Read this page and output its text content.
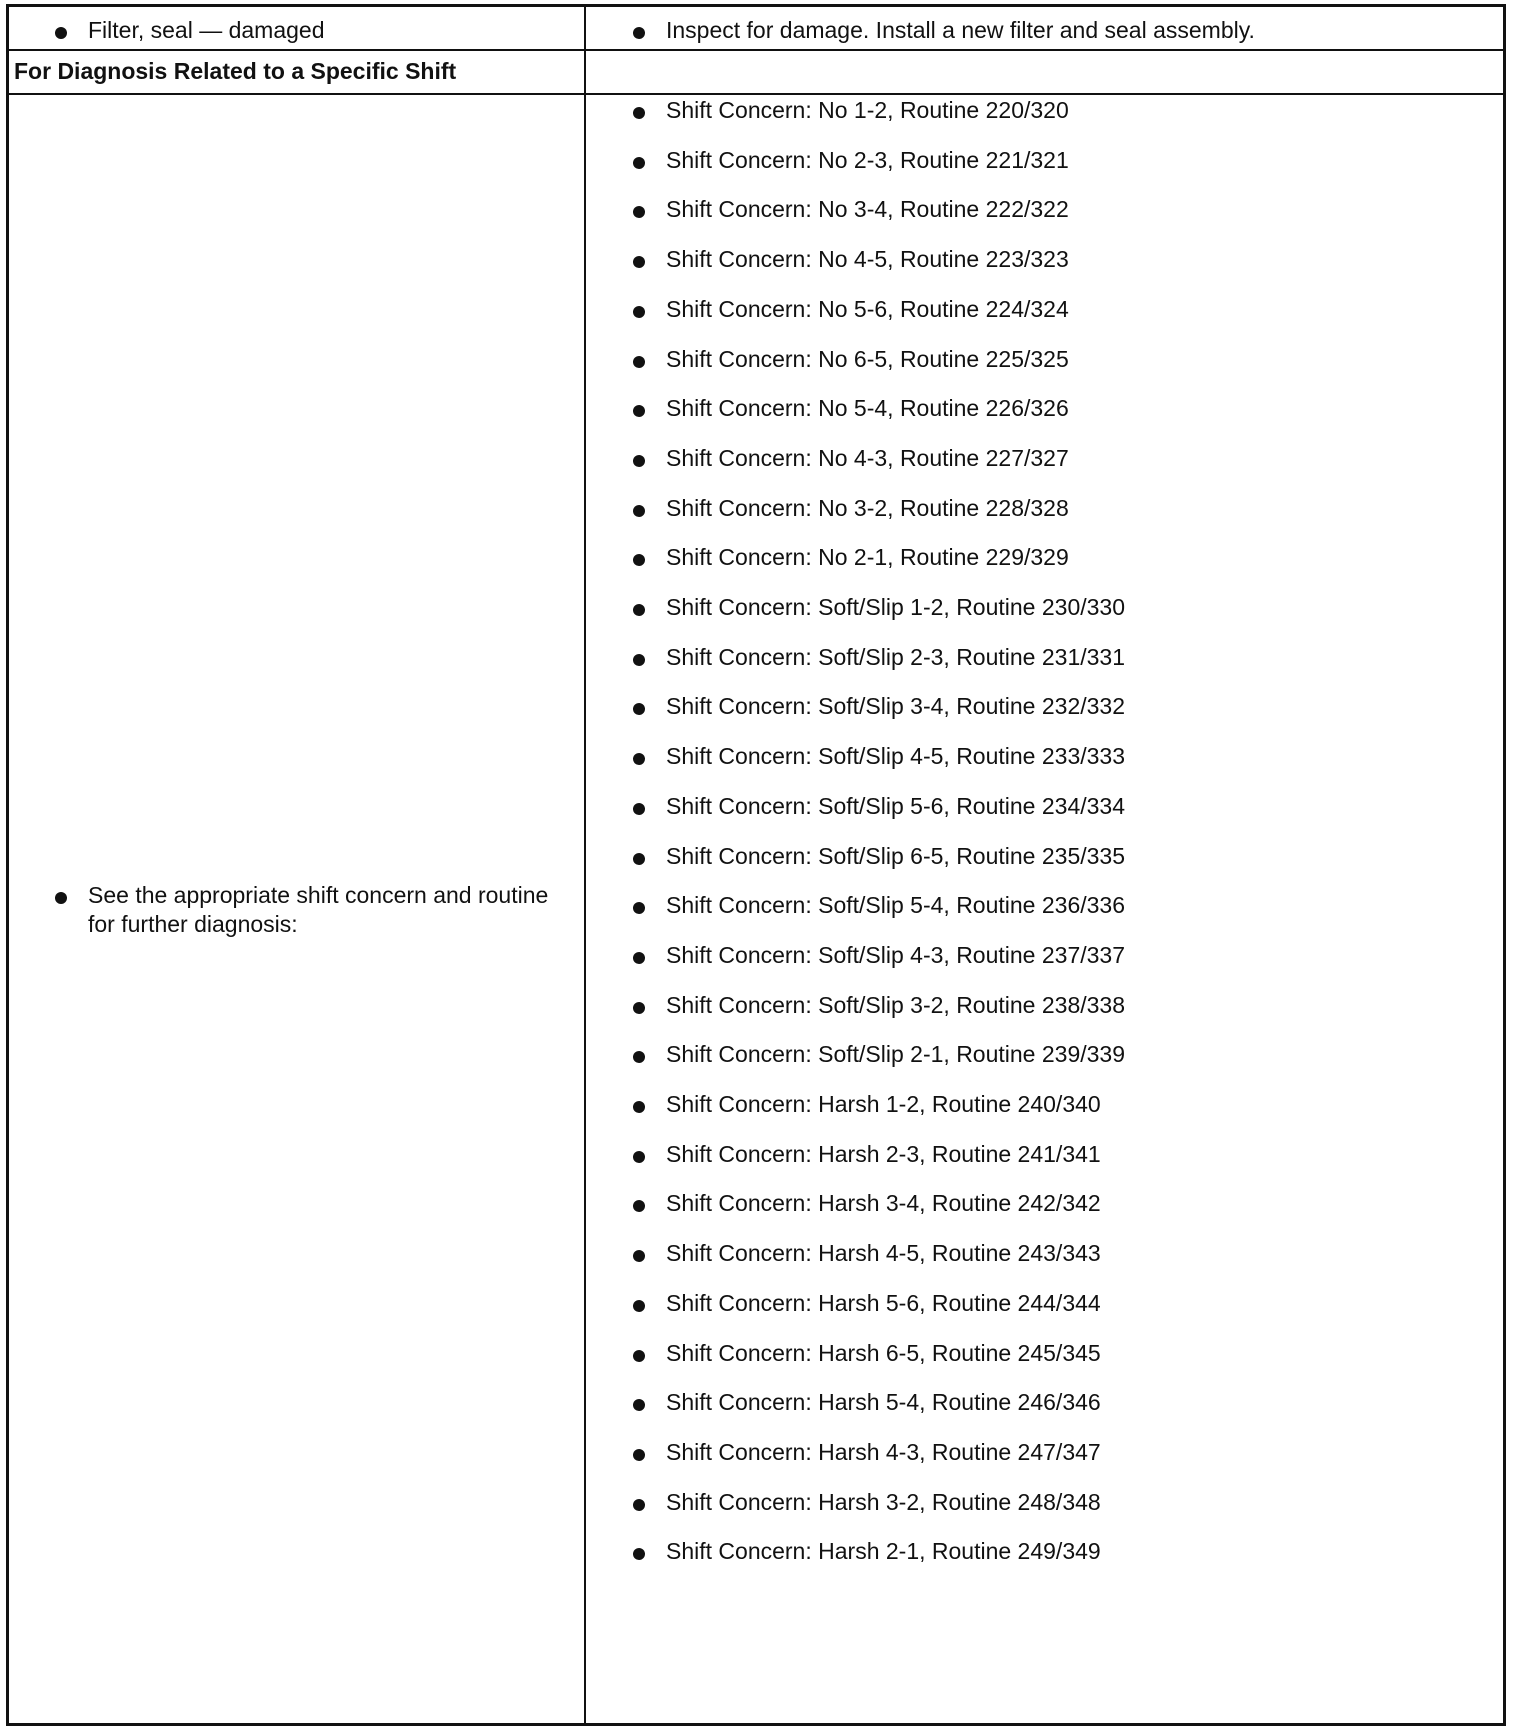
Filter, seal — damaged	Inspect for damage. Install a new filter and seal assembly.
For Diagnosis Related to a Specific Shift
See the appropriate shift concern and routine for further diagnosis:
Shift Concern: No 1-2, Routine 220/320
Shift Concern: No 2-3, Routine 221/321
Shift Concern: No 3-4, Routine 222/322
Shift Concern: No 4-5, Routine 223/323
Shift Concern: No 5-6, Routine 224/324
Shift Concern: No 6-5, Routine 225/325
Shift Concern: No 5-4, Routine 226/326
Shift Concern: No 4-3, Routine 227/327
Shift Concern: No 3-2, Routine 228/328
Shift Concern: No 2-1, Routine 229/329
Shift Concern: Soft/Slip 1-2, Routine 230/330
Shift Concern: Soft/Slip 2-3, Routine 231/331
Shift Concern: Soft/Slip 3-4, Routine 232/332
Shift Concern: Soft/Slip 4-5, Routine 233/333
Shift Concern: Soft/Slip 5-6, Routine 234/334
Shift Concern: Soft/Slip 6-5, Routine 235/335
Shift Concern: Soft/Slip 5-4, Routine 236/336
Shift Concern: Soft/Slip 4-3, Routine 237/337
Shift Concern: Soft/Slip 3-2, Routine 238/338
Shift Concern: Soft/Slip 2-1, Routine 239/339
Shift Concern: Harsh 1-2, Routine 240/340
Shift Concern: Harsh 2-3, Routine 241/341
Shift Concern: Harsh 3-4, Routine 242/342
Shift Concern: Harsh 4-5, Routine 243/343
Shift Concern: Harsh 5-6, Routine 244/344
Shift Concern: Harsh 6-5, Routine 245/345
Shift Concern: Harsh 5-4, Routine 246/346
Shift Concern: Harsh 4-3, Routine 247/347
Shift Concern: Harsh 3-2, Routine 248/348
Shift Concern: Harsh 2-1, Routine 249/349
